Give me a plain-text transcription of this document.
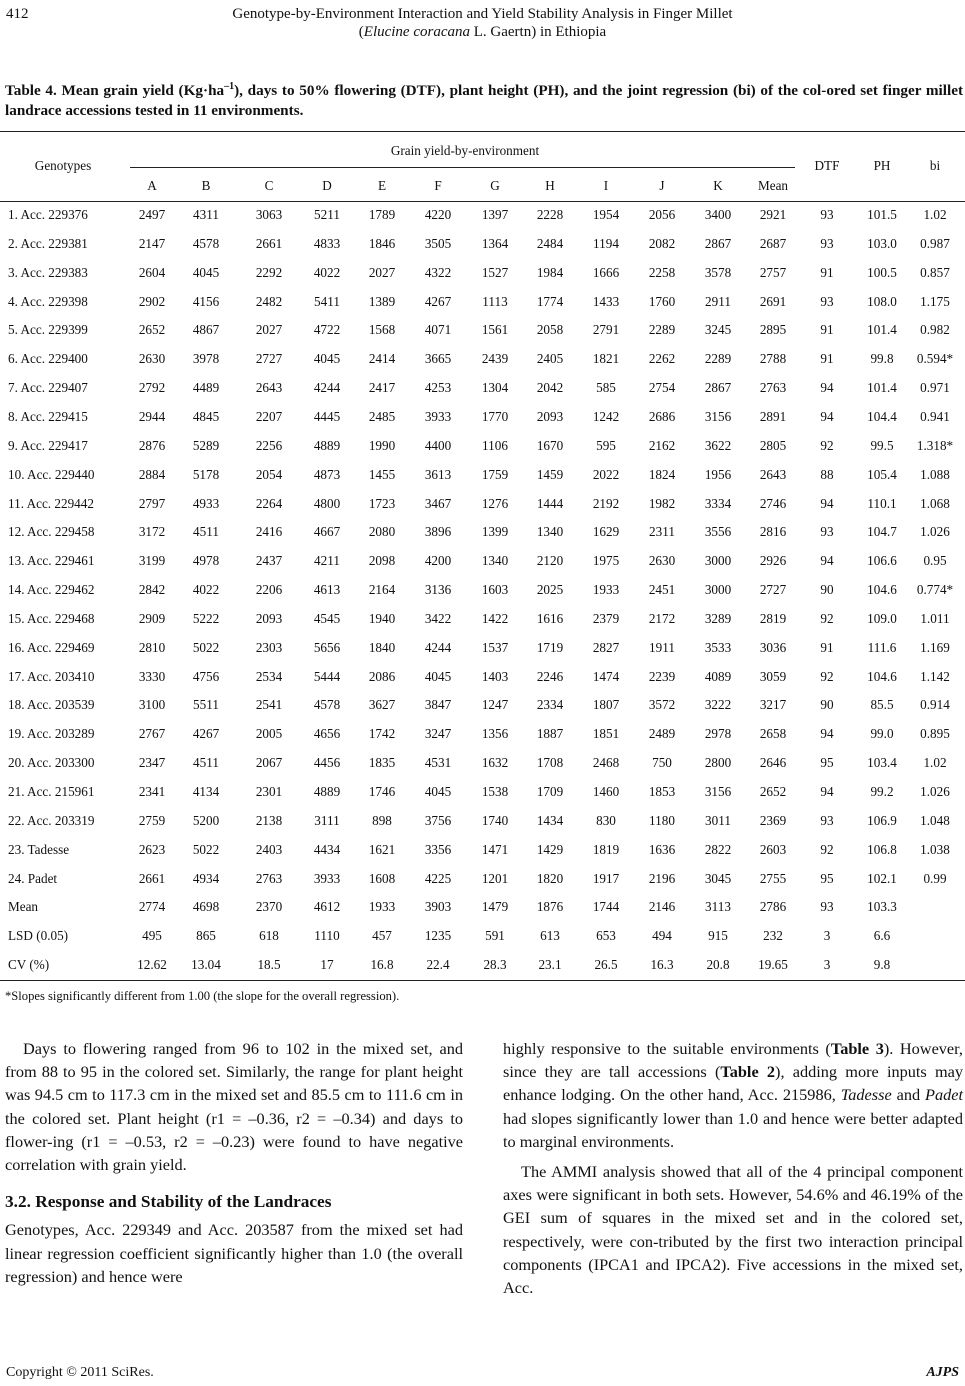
412	Genotype-by-Environment Interaction and Yield Stability Analysis in Finger Millet
(Elucine coracana L. Gaertn) in Ethiopia
Table 4. Mean grain yield $(Kg\cdot ha^{-1})$, days to 50% flowering (DTF), plant height (PH), and the joint regression (bi) of the col-ored set finger millet landrace accessions tested in 11 environments.
Genotypes
Grain yield-by-environment
A	B	C	D	E	F	G	H	I	J	K	Mean
DTF	PH	bi
1. Acc. 229376	2497	4311	3063	5211	1789	4220	1397	2228	1954	2056	3400	2921	93	101.5	1.02
2. Acc. 229381	2147	4578	2661	4833	1846	3505	1364	2484	1194	2082	2867	2687	93	103.0	0.987
3. Acc. 229383	2604	4045	2292	4022	2027	4322	1527	1984	1666	2258	3578	2757	91	100.5	0.857
4. Acc. 229398	2902	4156	2482	5411	1389	4267	1113	1774	1433	1760	2911	2691	93	108.0	1.175
5. Acc. 229399	2652	4867	2027	4722	1568	4071	1561	2058	2791	2289	3245	2895	91	101.4	0.982
6. Acc. 229400	2630	3978	2727	4045	2414	3665	2439	2405	1821	2262	2289	2788	91	99.8	0.594*
7. Acc. 229407	2792	4489	2643	4244	2417	4253	1304	2042	585	2754	2867	2763	94	101.4	0.971
8. Acc. 229415	2944	4845	2207	4445	2485	3933	1770	2093	1242	2686	3156	2891	94	104.4	0.941
9. Acc. 229417	2876	5289	2256	4889	1990	4400	1106	1670	595	2162	3622	2805	92	99.5	1.318*
10. Acc. 229440	2884	5178	2054	4873	1455	3613	1759	1459	2022	1824	1956	2643	88	105.4	1.088
11. Acc. 229442	2797	4933	2264	4800	1723	3467	1276	1444	2192	1982	3334	2746	94	110.1	1.068
12. Acc. 229458	3172	4511	2416	4667	2080	3896	1399	1340	1629	2311	3556	2816	93	104.7	1.026
13. Acc. 229461	3199	4978	2437	4211	2098	4200	1340	2120	1975	2630	3000	2926	94	106.6	0.95
14. Acc. 229462	2842	4022	2206	4613	2164	3136	1603	2025	1933	2451	3000	2727	90	104.6	0.774*
15. Acc. 229468	2909	5222	2093	4545	1940	3422	1422	1616	2379	2172	3289	2819	92	109.0	1.011
16. Acc. 229469	2810	5022	2303	5656	1840	4244	1537	1719	2827	1911	3533	3036	91	111.6	1.169
17. Acc. 203410	3330	4756	2534	5444	2086	4045	1403	2246	1474	2239	4089	3059	92	104.6	1.142
18. Acc. 203539	3100	5511	2541	4578	3627	3847	1247	2334	1807	3572	3222	3217	90	85.5	0.914
19. Acc. 203289	2767	4267	2005	4656	1742	3247	1356	1887	1851	2489	2978	2658	94	99.0	0.895
20. Acc. 203300	2347	4511	2067	4456	1835	4531	1632	1708	2468	750	2800	2646	95	103.4	1.02
21. Acc. 215961	2341	4134	2301	4889	1746	4045	1538	1709	1460	1853	3156	2652	94	99.2	1.026
22. Acc. 203319	2759	5200	2138	3111	898	3756	1740	1434	830	1180	3011	2369	93	106.9	1.048
23. Tadesse	2623	5022	2403	4434	1621	3356	1471	1429	1819	1636	2822	2603	92	106.8	1.038
24. Padet	2661	4934	2763	3933	1608	4225	1201	1820	1917	2196	3045	2755	95	102.1	0.99
Mean	2774	4698	2370	4612	1933	3903	1479	1876	1744	2146	3113	2786	93	103.3
LSD (0.05)	495	865	618	1110	457	1235	591	613	653	494	915	232	3	6.6
CV (%)	12.62	13.04	18.5	17	16.8	22.4	28.3	23.1	26.5	16.3	20.8	19.65	3	9.8
*Slopes significantly different from 1.00 (the slope for the overall regression).

Days to flowering ranged from 96 to 102 in the mixed set, and from 88 to 95 in the colored set. Similarly, the range for plant height was 94.5 cm to 117.3 cm in the mixed set and 85.5 cm to 111.6 cm in the colored set. Plant height (r1 = –0.36, r2 = –0.34) and days to flower-ing (r1 = –0.53, r2 = –0.23) were found to have negative correlation with grain yield.

3.2. Response and Stability of the Landraces

Genotypes, Acc. 229349 and Acc. 203587 from the mixed set had linear regression coefficient significantly higher than 1.0 (the overall regression) and hence were

highly responsive to the suitable environments (Table 3). However, since they are tall accessions (Table 2), adding more inputs may enhance lodging. On the other hand, Acc. 215986, Tadesse and Padet had slopes significantly lower than 1.0 and hence were better adapted to marginal environments.

The AMMI analysis showed that all of the 4 principal component axes were significant in both sets. However, 54.6% and 46.19% of the GEI sum of squares in the mixed set and in the colored set, respectively, were con-tributed by the first two interaction principal components (IPCA1 and IPCA2). Five accessions in the mixed set, Acc.

Copyright © 2011 SciRes.	AJPS
